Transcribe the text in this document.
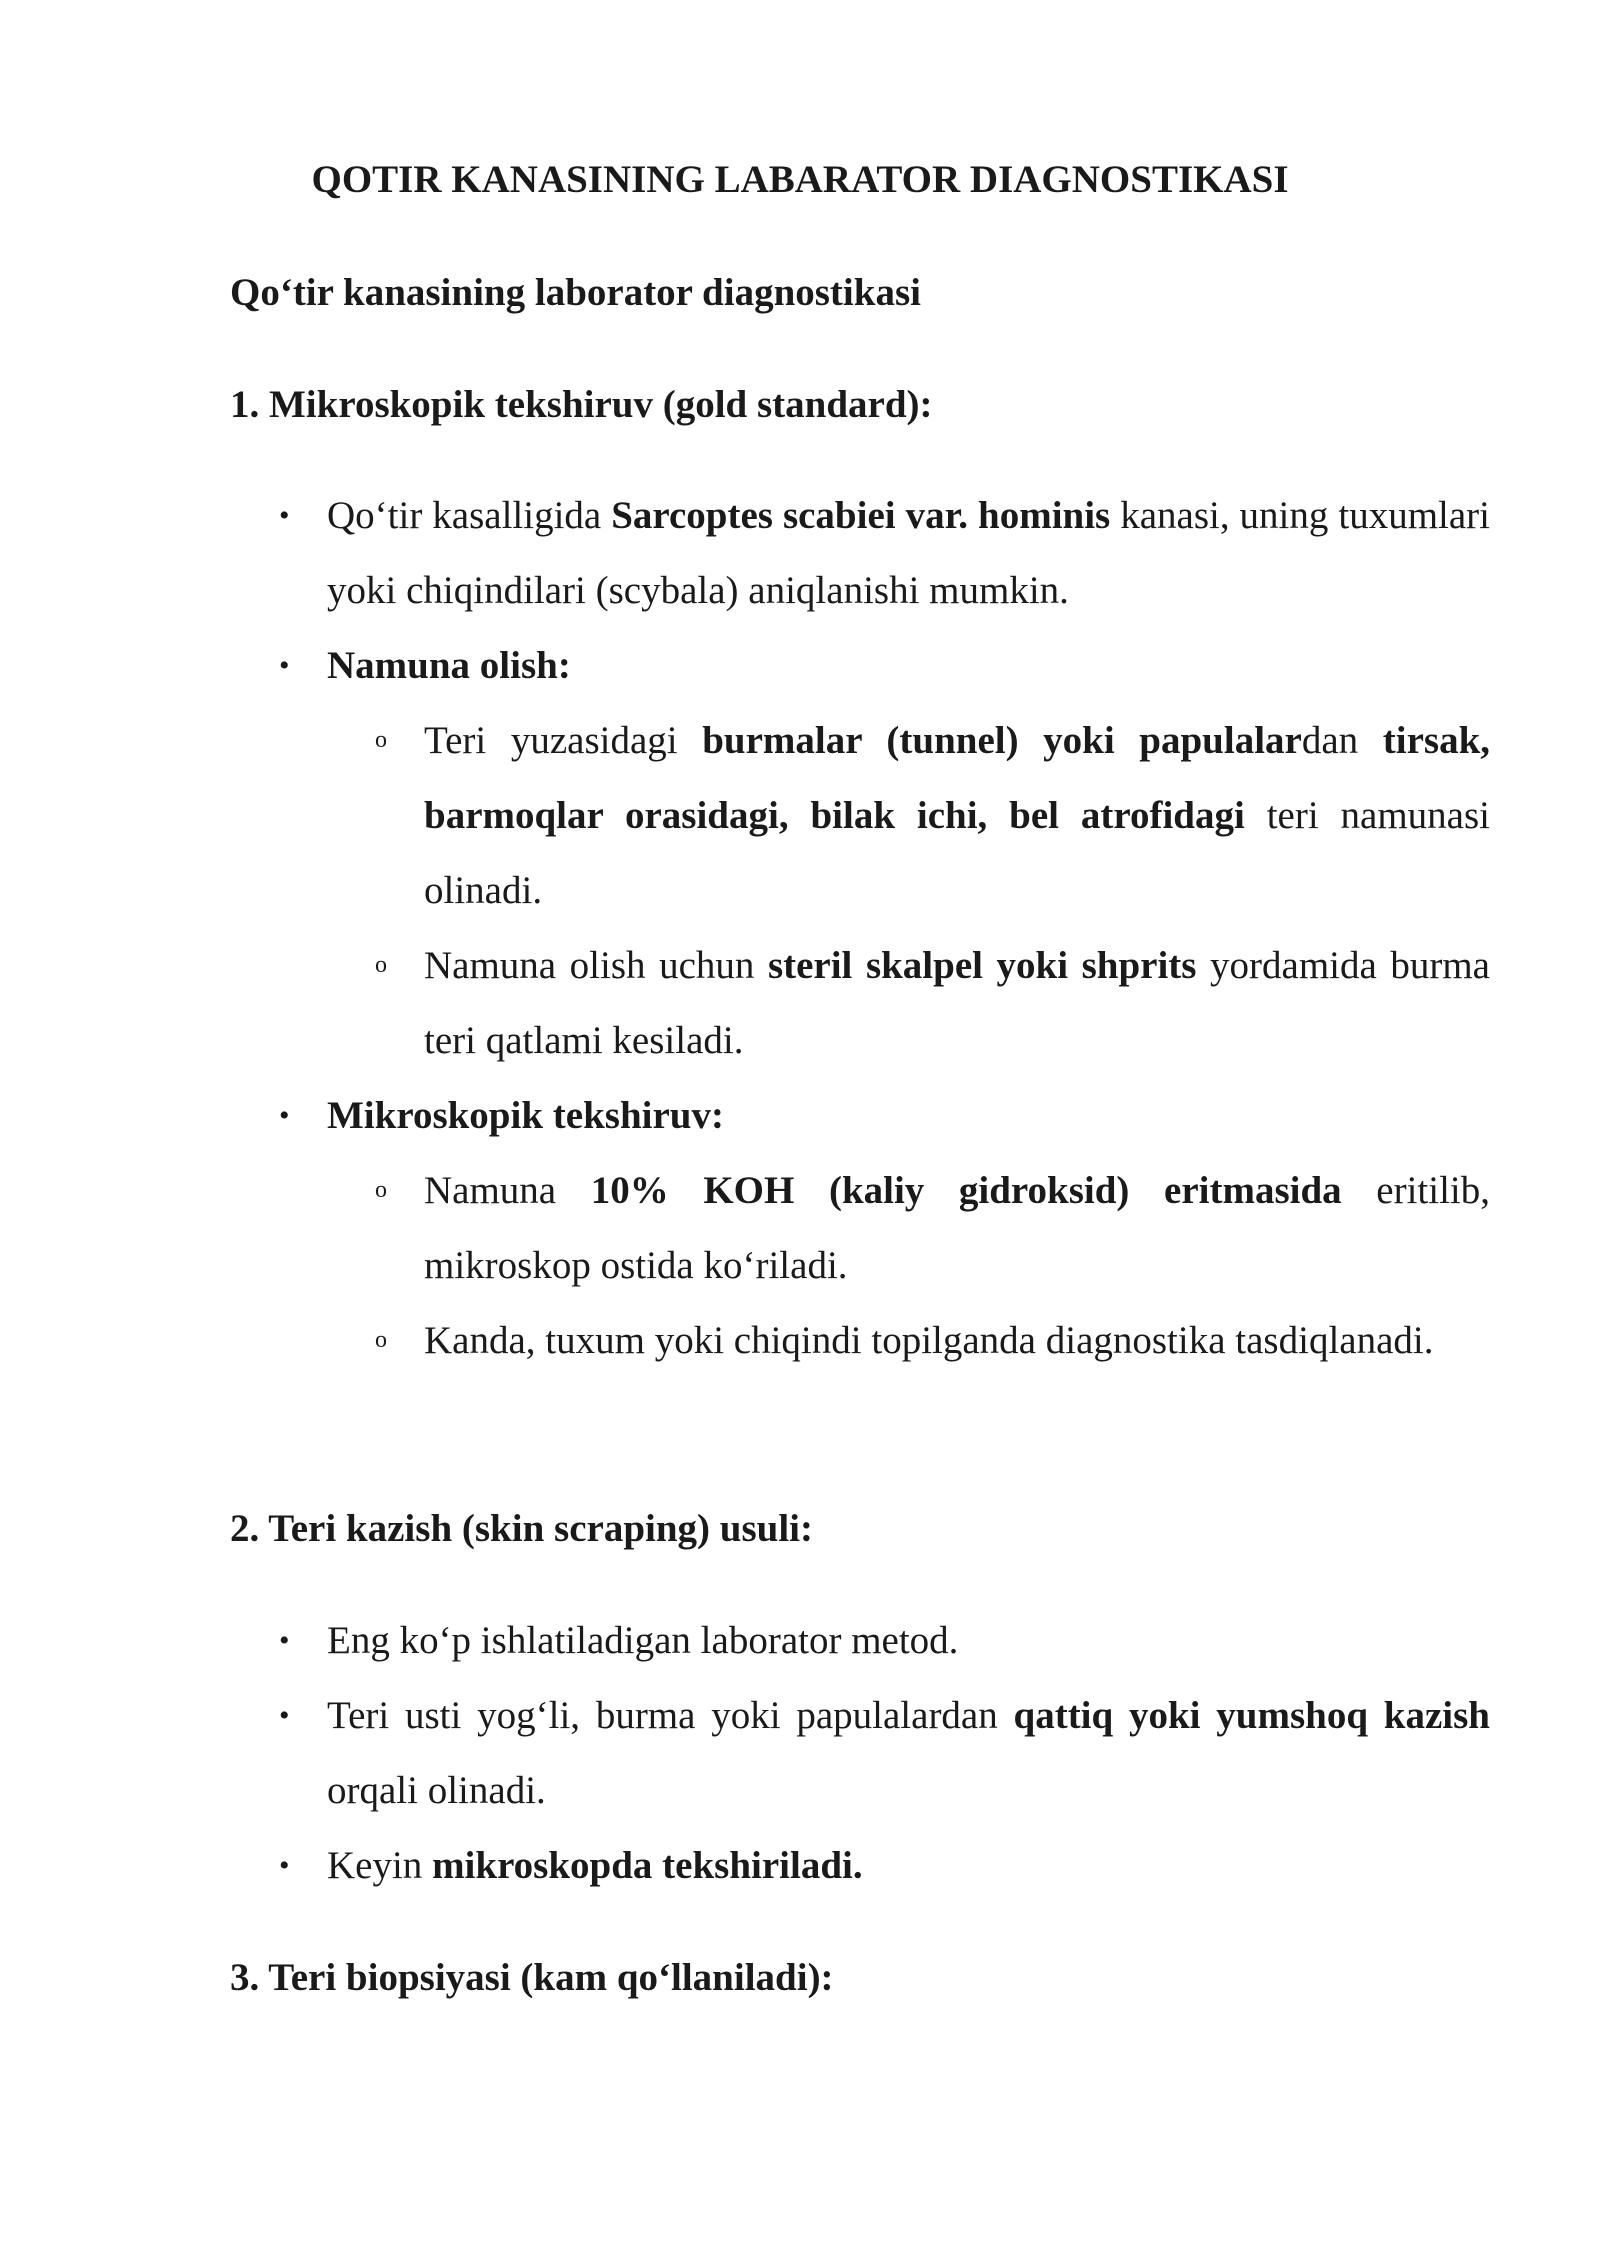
QOTIR KANASINING LABARATOR DIAGNOSTIKASI

Qo‘tir kanasining laborator diagnostikasi

1. Mikroskopik tekshiruv (gold standard):

• Qo‘tir kasalligida Sarcoptes scabiei var. hominis kanasi, uning tuxumlari yoki chiqindilari (scybala) aniqlanishi mumkin.

• Namuna olish:

o Teri yuzasidagi burmalar (tunnel) yoki papulalardan tirsak, barmoqlar orasidagi, bilak ichi, bel atrofidagi teri namunasi olinadi.

o Namuna olish uchun steril skalpel yoki shprits yordamida burma teri qatlami kesiladi.

• Mikroskopik tekshiruv:

o Namuna 10% KOH (kaliy gidroksid) eritmasida eritilib, mikroskop ostida ko‘riladi.

o Kanda, tuxum yoki chiqindi topilganda diagnostika tasdiqlanadi.

2. Teri kazish (skin scraping) usuli:

• Eng ko‘p ishlatiladigan laborator metod.

• Teri usti yog‘li, burma yoki papulalardan qattiq yoki yumshoq kazish orqali olinadi.

• Keyin mikroskopda tekshiriladi.

3. Teri biopsiyasi (kam qo‘llaniladi):
